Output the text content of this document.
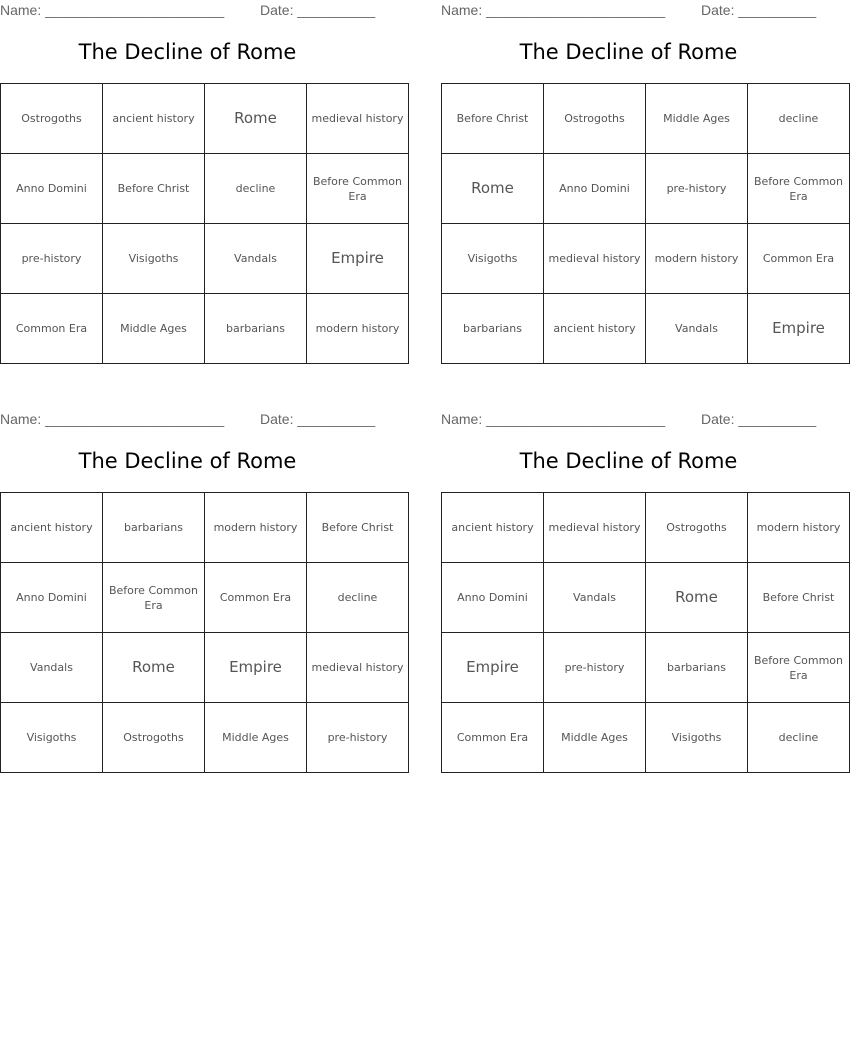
Name: _______________________	Date: __________
The Decline of Rome
Ostrogoths	ancient history	Rome	medieval history
Anno Domini	Before Christ	decline	Before Common Era
pre-history	Visigoths	Vandals	Empire
Common Era	Middle Ages	barbarians	modern history
Name: _______________________	Date: __________
The Decline of Rome
Before Christ	Ostrogoths	Middle Ages	decline
Rome	Anno Domini	pre-history	Before Common Era
Visigoths	medieval history	modern history	Common Era
barbarians	ancient history	Vandals	Empire
Name: _______________________	Date: __________
The Decline of Rome
ancient history	barbarians	modern history	Before Christ
Anno Domini	Before Common Era	Common Era	decline
Vandals	Rome	Empire	medieval history
Visigoths	Ostrogoths	Middle Ages	pre-history
Name: _______________________	Date: __________
The Decline of Rome
ancient history	medieval history	Ostrogoths	modern history
Anno Domini	Vandals	Rome	Before Christ
Empire	pre-history	barbarians	Before Common Era
Common Era	Middle Ages	Visigoths	decline
